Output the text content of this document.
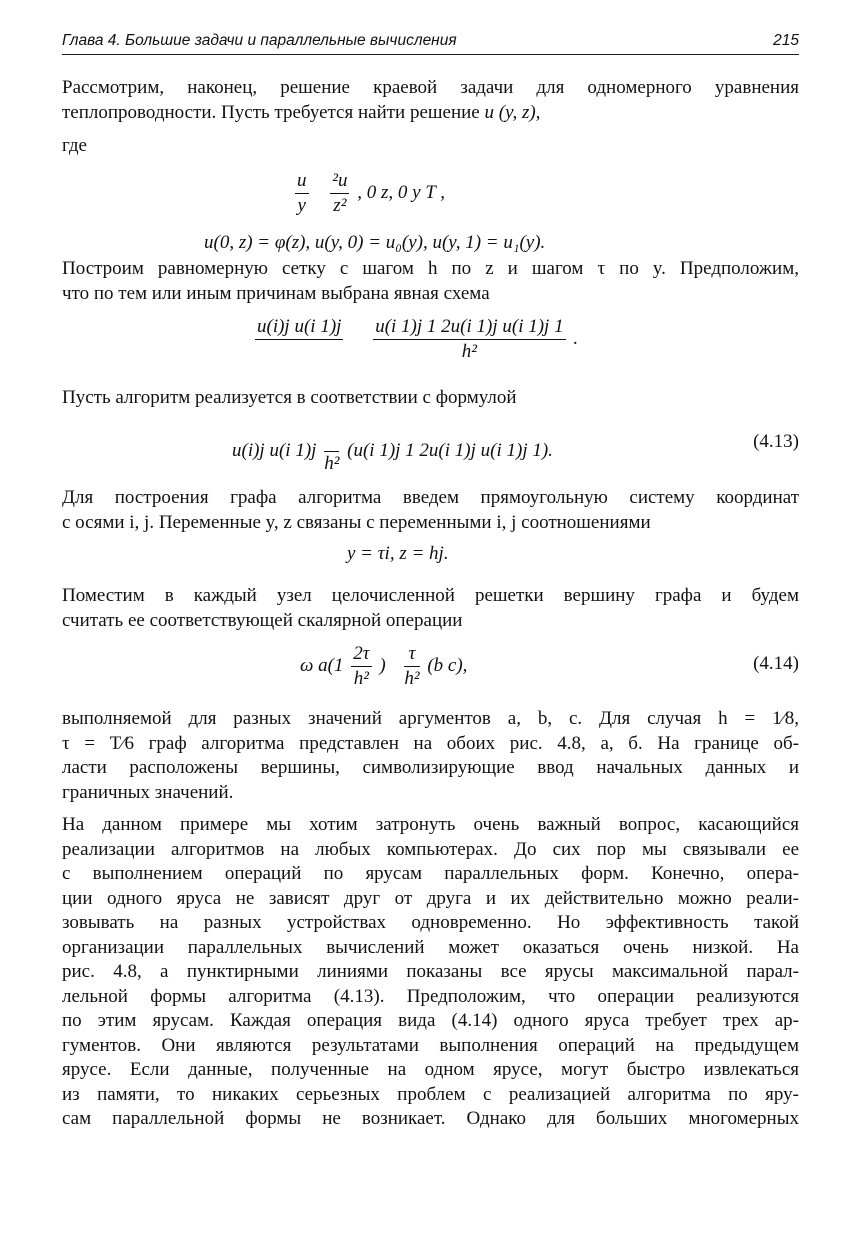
Глава 4. Большие задачи и параллельные вычисления	215
Рассмотрим, наконец, решение краевой задачи для одномерного уравнения
теплопроводности. Пусть требуется найти решение u (y, z),
где
$\frac{u}{y}$
$\frac{\text{²u}}{\text{z²}}$ , 0 z, 0 y T ,
u(0, z) = φ(z), u(y, 0) = u₀(y), u(y, 1) = u₁(y).
Построим равномерную сетку с шагом h по z и шагом τ по y. Предположим,
что по тем или иным причинам выбрана явная схема
u(i)j u(i 1)j

$\frac{\text{u(i 1)j 1 2u(i 1)j u(i 1)j 1}}{\text{h²}}$ .
Пусть алгоритм реализуется в соответствии с формулой
u(i)j u(i 1)j

h²
(u(i 1)j 1 2u(i 1)j u(i 1)j 1).	(4.13)
Для построения графа алгоритма введем прямоугольную систему координат
с осями i, j. Переменные y, z связаны с переменными i, j соотношениями
y = τi, z = hj.
Поместим в каждый узел целочисленной решетки вершину графа и будем
считать ее соответствующей скалярной операции
ω $a(1 \frac{2\tau}{\text{h²}}$ ) $\frac{\tau}{\text{h²}} (b$ c),	(4.14)
выполняемой для разных значений аргументов a, b, c. Для случая h = 1⁄8,
τ = T⁄6 граф алгоритма представлен на обоих рис. 4.8, а, б. На границе об-
ласти расположены вершины, символизирующие ввод начальных данных и
граничных значений.
На данном примере мы хотим затронуть очень важный вопрос, касающийся
реализации алгоритмов на любых компьютерах. До сих пор мы связывали ее
с выполнением операций по ярусам параллельных форм. Конечно, опера-
ции одного яруса не зависят друг от друга и их действительно можно реали-
зовывать на разных устройствах одновременно. Но эффективность такой
организации параллельных вычислений может оказаться очень низкой. На
рис. 4.8, а пунктирными линиями показаны все ярусы максимальной парал-
лельной формы алгоритма (4.13). Предположим, что операции реализуются
по этим ярусам. Каждая операция вида (4.14) одного яруса требует трех ар-
гументов. Они являются результатами выполнения операций на предыдущем
ярусе. Если данные, полученные на одном ярусе, могут быстро извлекаться
из памяти, то никаких серьезных проблем с реализацией алгоритма по яру-
сам параллельной формы не возникает. Однако для больших многомерных
